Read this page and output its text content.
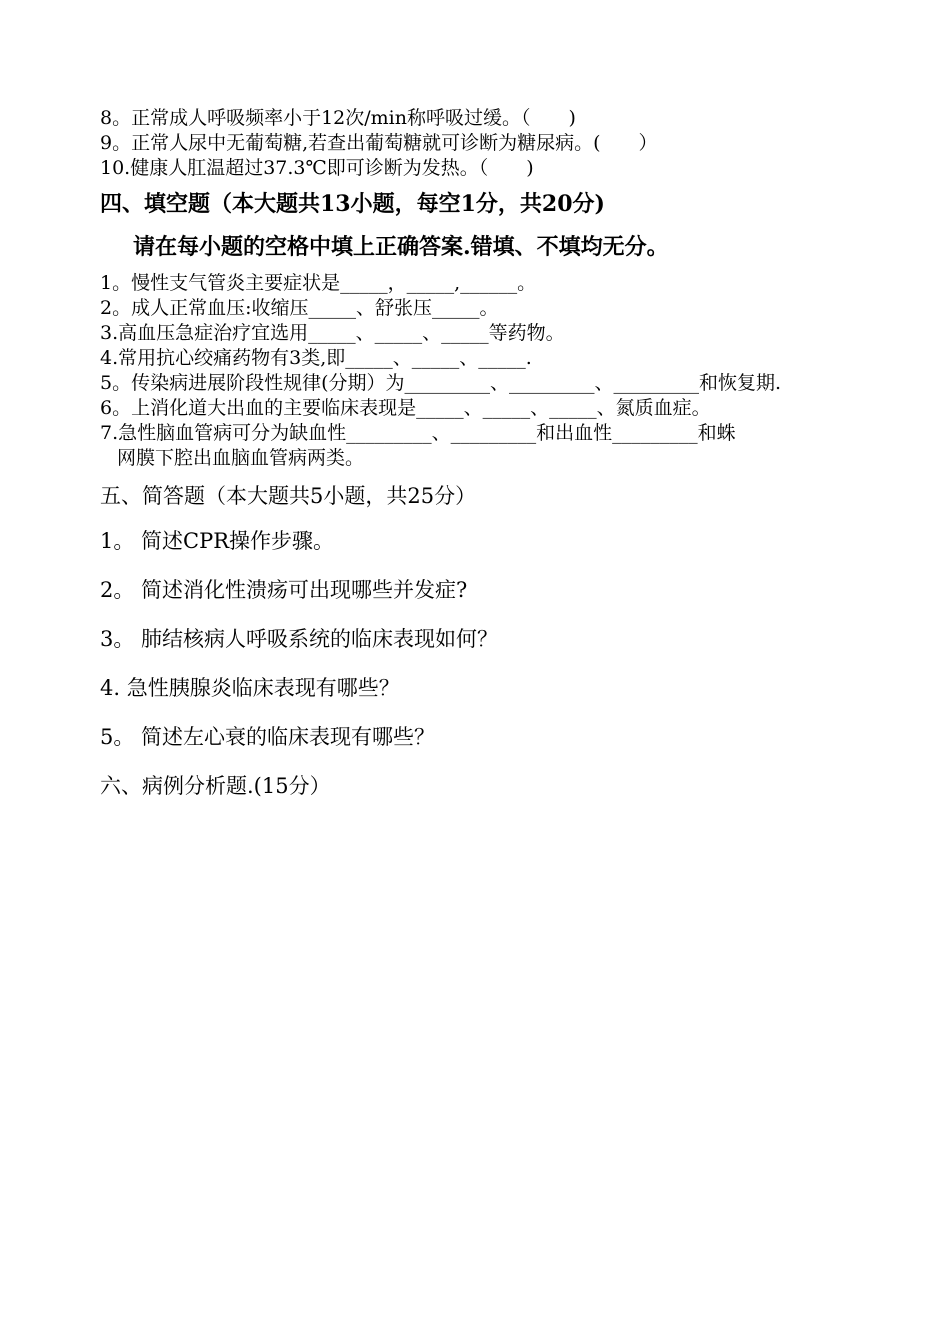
8。正常成人呼吸频率小于12次/min称呼吸过缓。（　　)
9。正常人尿中无葡萄糖,若查出葡萄糖就可诊断为糖尿病。(　　）
10.健康人肛温超过37.3℃即可诊断为发热。（　　)
四、填空题（本大题共13小题，每空1分，共20分)
请在每小题的空格中填上正确答案.错填、不填均无分。
1。慢性支气管炎主要症状是_____，_____,______。
2。成人正常血压:收缩压_____、舒张压_____。
3.高血压急症治疗宜选用_____、_____、_____等药物。
4.常用抗心绞痛药物有3类,即_____、_____、_____.
5。传染病进展阶段性规律(分期）为_________、_________、_________和恢复期.
6。上消化道大出血的主要临床表现是_____、_____、_____、氮质血症。
7.急性脑血管病可分为缺血性_________、_________和出血性_________和蛛
网膜下腔出血脑血管病两类。
五、简答题（本大题共5小题，共25分）
1。 简述CPR操作步骤。
2。 简述消化性溃疡可出现哪些并发症?
3。 肺结核病人呼吸系统的临床表现如何？
4. 急性胰腺炎临床表现有哪些？
5。 简述左心衰的临床表现有哪些？
六、病例分析题.(15分）
